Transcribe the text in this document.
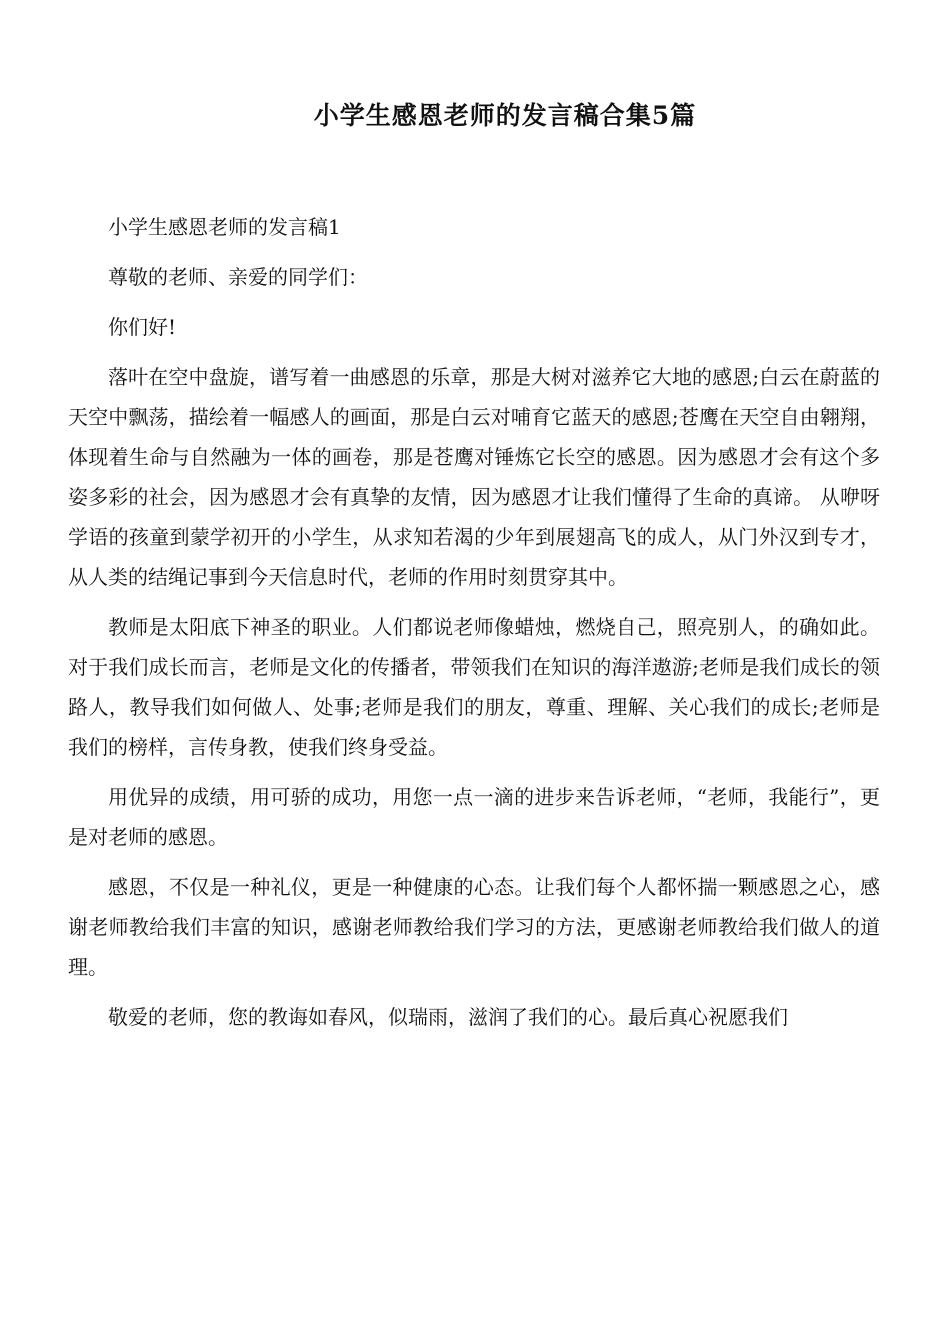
小学生感恩老师的发言稿合集5篇

小学生感恩老师的发言稿1

尊敬的老师、亲爱的同学们：

你们好!

落叶在空中盘旋，谱写着一曲感恩的乐章，那是大树对滋养它大地的感恩;白云在蔚蓝的天空中飘荡，描绘着一幅感人的画面，那是白云对哺育它蓝天的感恩;苍鹰在天空自由翱翔，体现着生命与自然融为一体的画卷，那是苍鹰对锤炼它长空的感恩。因为感恩才会有这个多姿多彩的社会，因为感恩才会有真挚的友情，因为感恩才让我们懂得了生命的真谛。 从咿呀学语的孩童到蒙学初开的小学生，从求知若渴的少年到展翅高飞的成人，从门外汉到专才，从人类的结绳记事到今天信息时代，老师的作用时刻贯穿其中。

教师是太阳底下神圣的职业。人们都说老师像蜡烛，燃烧自己，照亮别人，的确如此。对于我们成长而言，老师是文化的传播者，带领我们在知识的海洋遨游;老师是我们成长的领路人，教导我们如何做人、处事;老师是我们的朋友，尊重、理解、关心我们的成长;老师是我们的榜样，言传身教，使我们终身受益。

用优异的成绩，用可骄的成功，用您一点一滴的进步来告诉老师，“老师，我能行”，更是对老师的感恩。

感恩，不仅是一种礼仪，更是一种健康的心态。让我们每个人都怀揣一颗感恩之心，感谢老师教给我们丰富的知识，感谢老师教给我们学习的方法，更感谢老师教给我们做人的道理。

敬爱的老师，您的教诲如春风，似瑞雨，滋润了我们的心。最后真心祝愿我们
